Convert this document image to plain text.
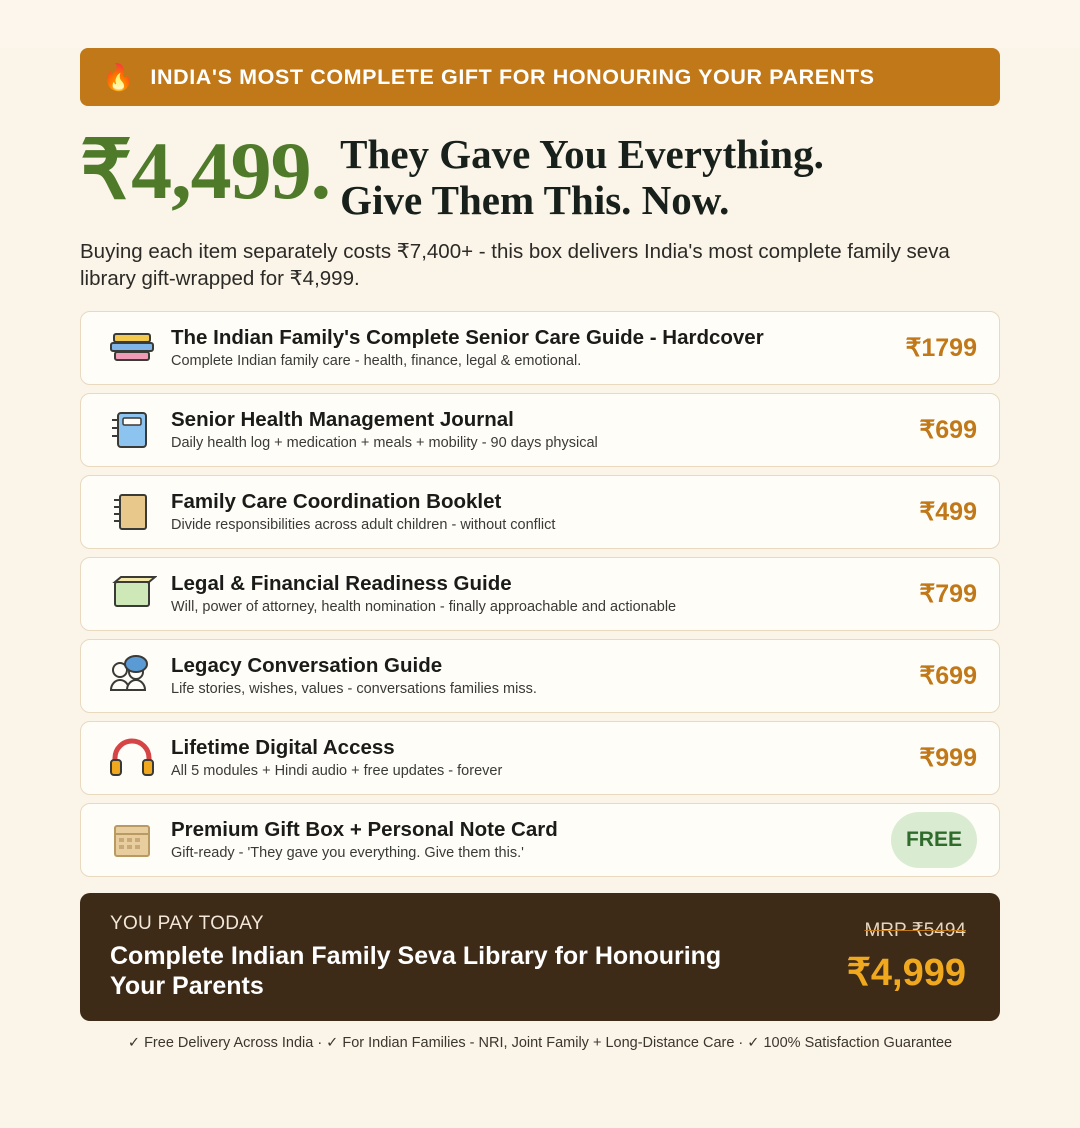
🔥 INDIA'S MOST COMPLETE GIFT FOR HONOURING YOUR PARENTS
₹4,499. They Gave You Everything.
Give Them This. Now.
Buying each item separately costs ₹7,400+ - this box delivers India's most complete family seva library gift-wrapped for ₹4,999.
The Indian Family's Complete Senior Care Guide - Hardcover
Complete Indian family care - health, finance, legal & emotional.	₹1799
Senior Health Management Journal
Daily health log + medication + meals + mobility - 90 days physical	₹699
Family Care Coordination Booklet
Divide responsibilities across adult children - without conflict	₹499
Legal & Financial Readiness Guide
Will, power of attorney, health nomination - finally approachable and actionable	₹799
Legacy Conversation Guide
Life stories, wishes, values - conversations families miss.	₹699
Lifetime Digital Access
All 5 modules + Hindi audio + free updates - forever	₹999
Premium Gift Box + Personal Note Card
Gift-ready - 'They gave you everything. Give them this.'
FREE
YOU PAY TODAY
Complete Indian Family Seva Library for Honouring Your Parents
MRP ₹5494
₹4,999
✓ Free Delivery Across India · ✓ For Indian Families - NRI, Joint Family + Long-Distance Care · ✓ 100% Satisfaction Guarantee
